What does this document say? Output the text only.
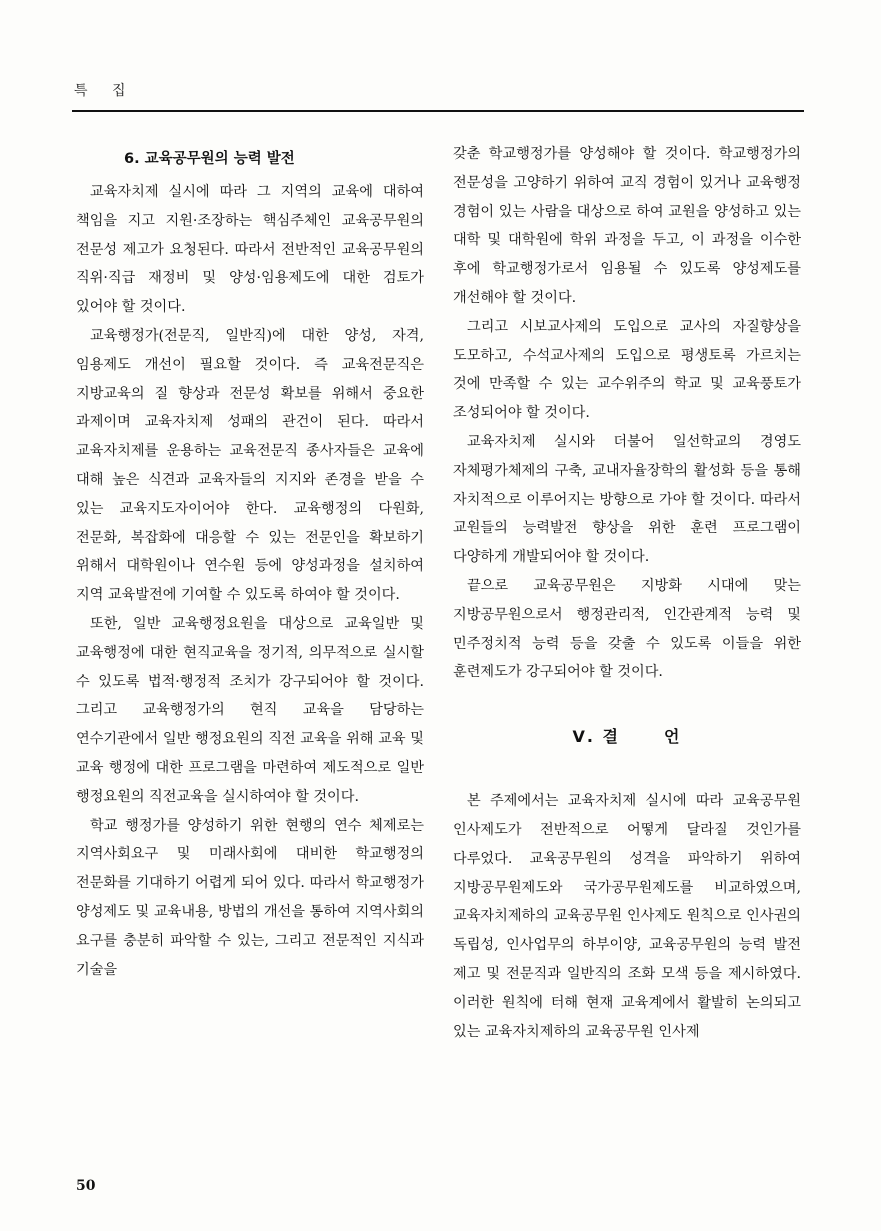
특 집
6. 교육공무원의 능력 발전

교육자치제 실시에 따라 그 지역의 교육에 대하여 책임을 지고 지원·조장하는 핵심주체인 교육공무원의 전문성 제고가 요청된다. 따라서 전반적인 교육공무원의 직위·직급 재정비 및 양성·임용제도에 대한 검토가 있어야 할 것이다.

교육행정가(전문직, 일반직)에 대한 양성, 자격, 임용제도 개선이 필요할 것이다. 즉 교육전문직은 지방교육의 질 향상과 전문성 확보를 위해서 중요한 과제이며 교육자치제 성패의 관건이 된다. 따라서 교육자치제를 운용하는 교육전문직 종사자들은 교육에 대해 높은 식견과 교육자들의 지지와 존경을 받을 수 있는 교육지도자이어야 한다. 교육행정의 다원화, 전문화, 복잡화에 대응할 수 있는 전문인을 확보하기 위해서 대학원이나 연수원 등에 양성과정을 설치하여 지역 교육발전에 기여할 수 있도록 하여야 할 것이다.

또한, 일반 교육행정요원을 대상으로 교육일반 및 교육행정에 대한 현직교육을 정기적, 의무적으로 실시할 수 있도록 법적·행정적 조치가 강구되어야 할 것이다. 그리고 교육행정가의 현직 교육을 담당하는 연수기관에서 일반 행정요원의 직전 교육을 위해 교육 및 교육 행정에 대한 프로그램을 마련하여 제도적으로 일반 행정요원의 직전교육을 실시하여야 할 것이다.

학교 행정가를 양성하기 위한 현행의 연수 체제로는 지역사회요구 및 미래사회에 대비한 학교행정의 전문화를 기대하기 어렵게 되어 있다. 따라서 학교행정가 양성제도 및 교육내용, 방법의 개선을 통하여 지역사회의 요구를 충분히 파악할 수 있는, 그리고 전문적인 지식과 기술을

갖춘 학교행정가를 양성해야 할 것이다. 학교행정가의 전문성을 고양하기 위하여 교직 경험이 있거나 교육행정 경험이 있는 사람을 대상으로 하여 교원을 양성하고 있는 대학 및 대학원에 학위 과정을 두고, 이 과정을 이수한 후에 학교행정가로서 임용될 수 있도록 양성제도를 개선해야 할 것이다.

그리고 시보교사제의 도입으로 교사의 자질향상을 도모하고, 수석교사제의 도입으로 평생토록 가르치는 것에 만족할 수 있는 교수위주의 학교 및 교육풍토가 조성되어야 할 것이다.

교육자치제 실시와 더불어 일선학교의 경영도 자체평가체제의 구축, 교내자율장학의 활성화 등을 통해 자치적으로 이루어지는 방향으로 가야 할 것이다. 따라서 교원들의 능력발전 향상을 위한 훈련 프로그램이 다양하게 개발되어야 할 것이다.

끝으로 교육공무원은 지방화 시대에 맞는 지방공무원으로서 행정관리적, 인간관계적 능력 및 민주정치적 능력 등을 갖출 수 있도록 이들을 위한 훈련제도가 강구되어야 할 것이다.

Ⅴ. 결	언

본 주제에서는 교육자치제 실시에 따라 교육공무원 인사제도가 전반적으로 어떻게 달라질 것인가를 다루었다. 교육공무원의 성격을 파악하기 위하여 지방공무원제도와 국가공무원제도를 비교하였으며, 교육자치제하의 교육공무원 인사제도 원칙으로 인사권의 독립성, 인사업무의 하부이양, 교육공무원의 능력 발전 제고 및 전문직과 일반직의 조화 모색 등을 제시하였다. 이러한 원칙에 터해 현재 교육계에서 활발히 논의되고 있는 교육자치제하의 교육공무원 인사제

50
